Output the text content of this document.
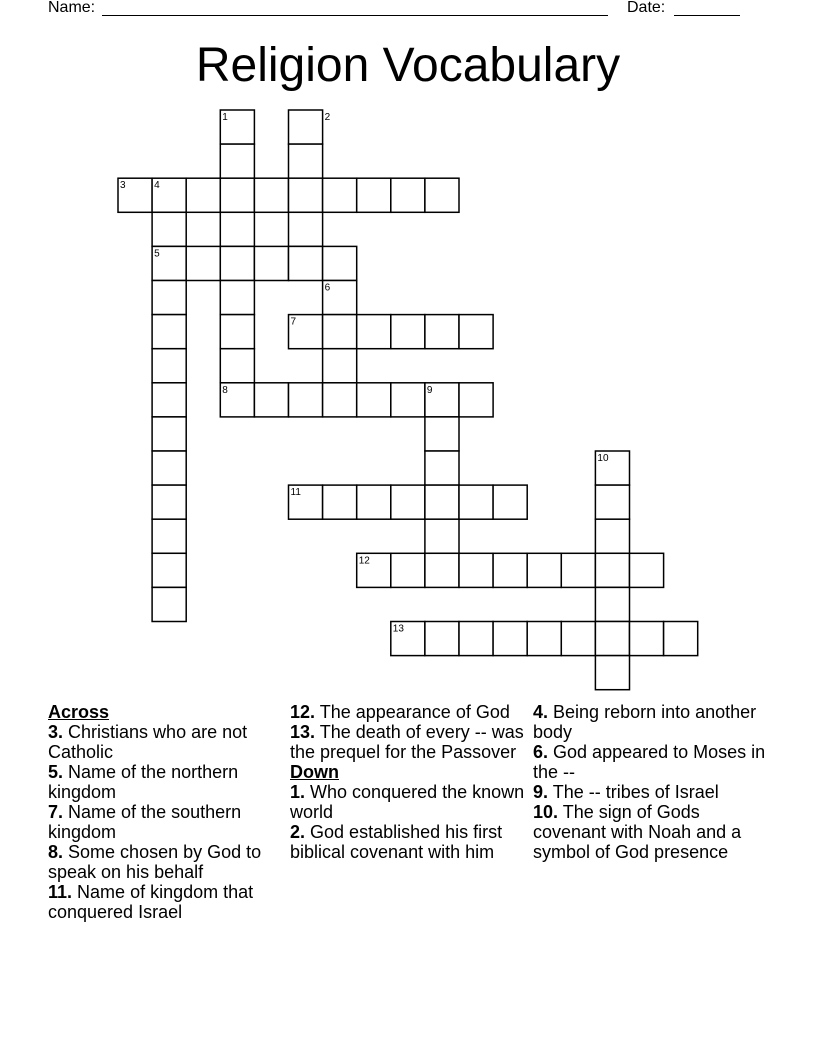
Name:	Date:
Religion Vocabulary
1	2
3	4
5
6
7
8	9
10
11
12
13

Across

3. Christians who are not Catholic

5. Name of the northern kingdom

7. Name of the southern kingdom

8. Some chosen by God to speak on his behalf

11. Name of kingdom that conquered Israel

12. The appearance of God

13. The death of every -- was the prequel for the Passover

Down

1. Who conquered the known world

2. God established his first biblical covenant with him

4. Being reborn into another body

6. God appeared to Moses in the --

9. The -- tribes of Israel

10. The sign of Gods covenant with Noah and a symbol of God presence
